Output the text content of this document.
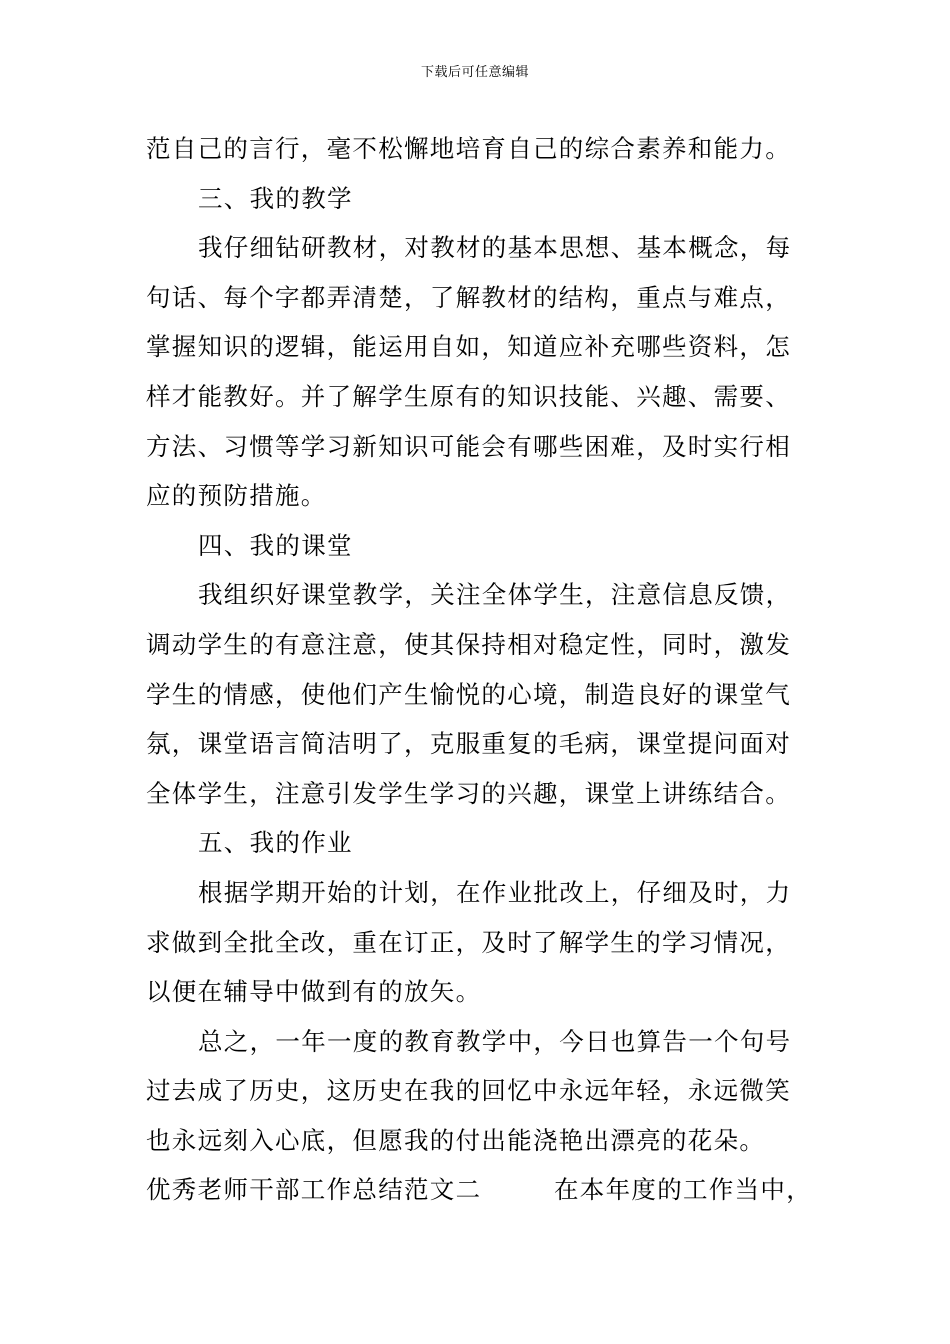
下载后可任意编辑
范自己的言行，毫不松懈地培育自己的综合素养和能力。
三、我的教学
我仔细钻研教材，对教材的基本思想、基本概念，每
句话、每个字都弄清楚，了解教材的结构，重点与难点，
掌握知识的逻辑，能运用自如，知道应补充哪些资料，怎
样才能教好。并了解学生原有的知识技能、兴趣、需要、
方法、习惯等学习新知识可能会有哪些困难，及时实行相
应的预防措施。
四、我的课堂
我组织好课堂教学，关注全体学生，注意信息反馈，
调动学生的有意注意，使其保持相对稳定性，同时，激发
学生的情感，使他们产生愉悦的心境，制造良好的课堂气
氛，课堂语言简洁明了，克服重复的毛病，课堂提问面对
全体学生，注意引发学生学习的兴趣，课堂上讲练结合。
五、我的作业
根据学期开始的计划，在作业批改上，仔细及时，力
求做到全批全改，重在订正，及时了解学生的学习情况，
以便在辅导中做到有的放矢。
总之，一年一度的教育教学中，今日也算告一个句号
过去成了历史，这历史在我的回忆中永远年轻，永远微笑
也永远刻入心底，但愿我的付出能浇艳出漂亮的花朵。
优秀老师干部工作总结范文二	在本年度的工作当中，
